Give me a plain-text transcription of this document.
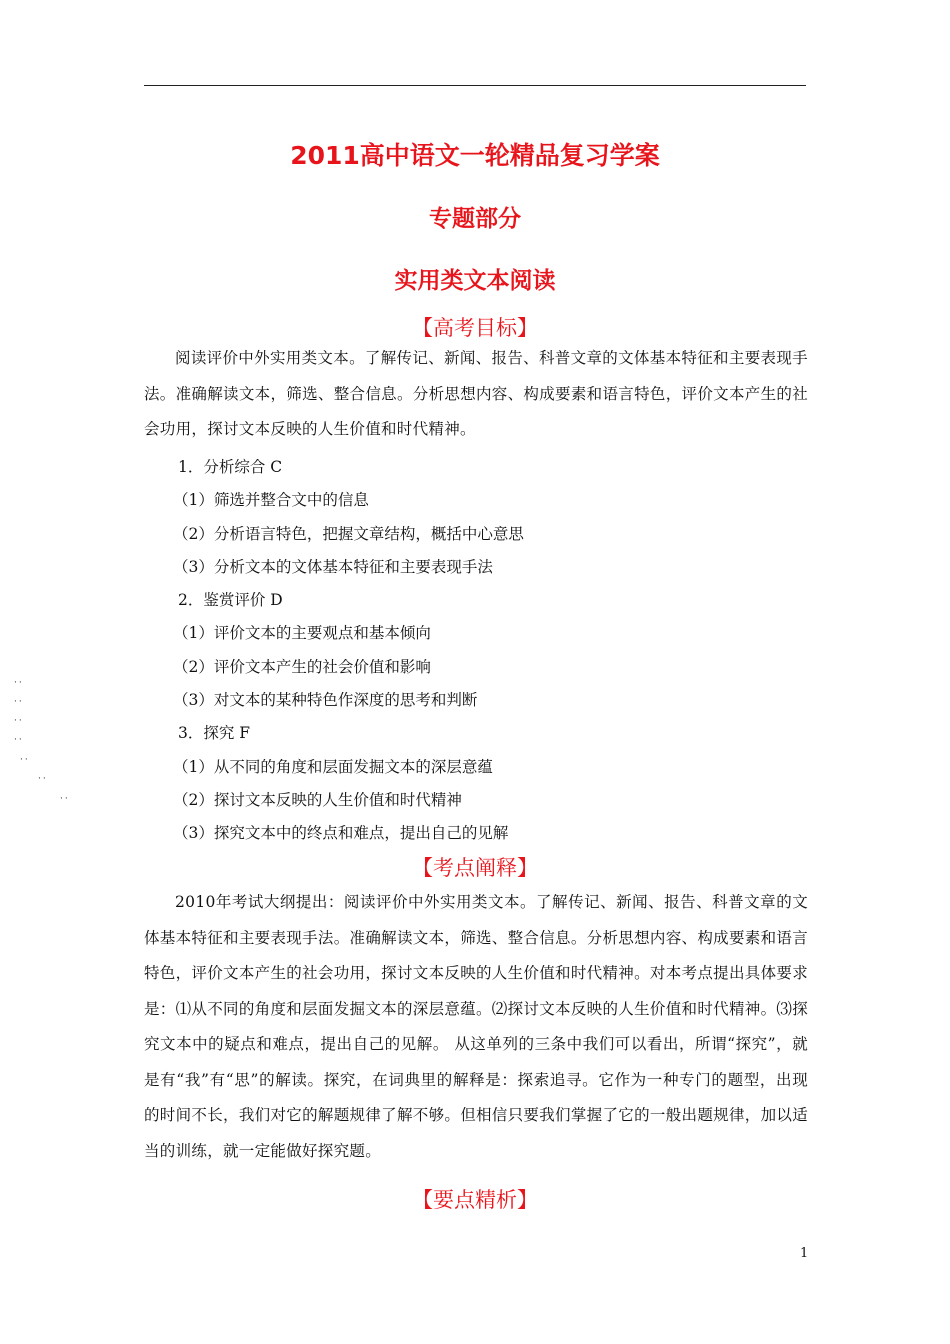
2011高中语文一轮精品复习学案
专题部分
实用类文本阅读
【高考目标】
阅读评价中外实用类文本。了解传记、新闻、报告、科普文章的文体基本特征和主要表现手法。准确解读文本，筛选、整合信息。分析思想内容、构成要素和语言特色，评价文本产生的社会功用，探讨文本反映的人生价值和时代精神。
1．分析综合 C
（1）筛选并整合文中的信息
（2）分析语言特色，把握文章结构，概括中心意思
（3）分析文本的文体基本特征和主要表现手法
2．鉴赏评价 D
（1）评价文本的主要观点和基本倾向
（2）评价文本产生的社会价值和影响
（3）对文本的某种特色作深度的思考和判断
3．探究 F
（1）从不同的角度和层面发掘文本的深层意蕴
（2）探讨文本反映的人生价值和时代精神
（3）探究文本中的终点和难点，提出自己的见解
··
··
··
··
··
··
··
【考点阐释】
2010年考试大纲提出：阅读评价中外实用类文本。了解传记、新闻、报告、科普文章的文体基本特征和主要表现手法。准确解读文本，筛选、整合信息。分析思想内容、构成要素和语言特色，评价文本产生的社会功用，探讨文本反映的人生价值和时代精神。对本考点提出具体要求是：⑴从不同的角度和层面发掘文本的深层意蕴。⑵探讨文本反映的人生价值和时代精神。⑶探究文本中的疑点和难点，提出自己的见解。 从这单列的三条中我们可以看出，所谓“探究”，就是有“我”有“思”的解读。探究，在词典里的解释是：探索追寻。它作为一种专门的题型，出现的时间不长，我们对它的解题规律了解不够。但相信只要我们掌握了它的一般出题规律，加以适当的训练，就一定能做好探究题。
【要点精析】
1
